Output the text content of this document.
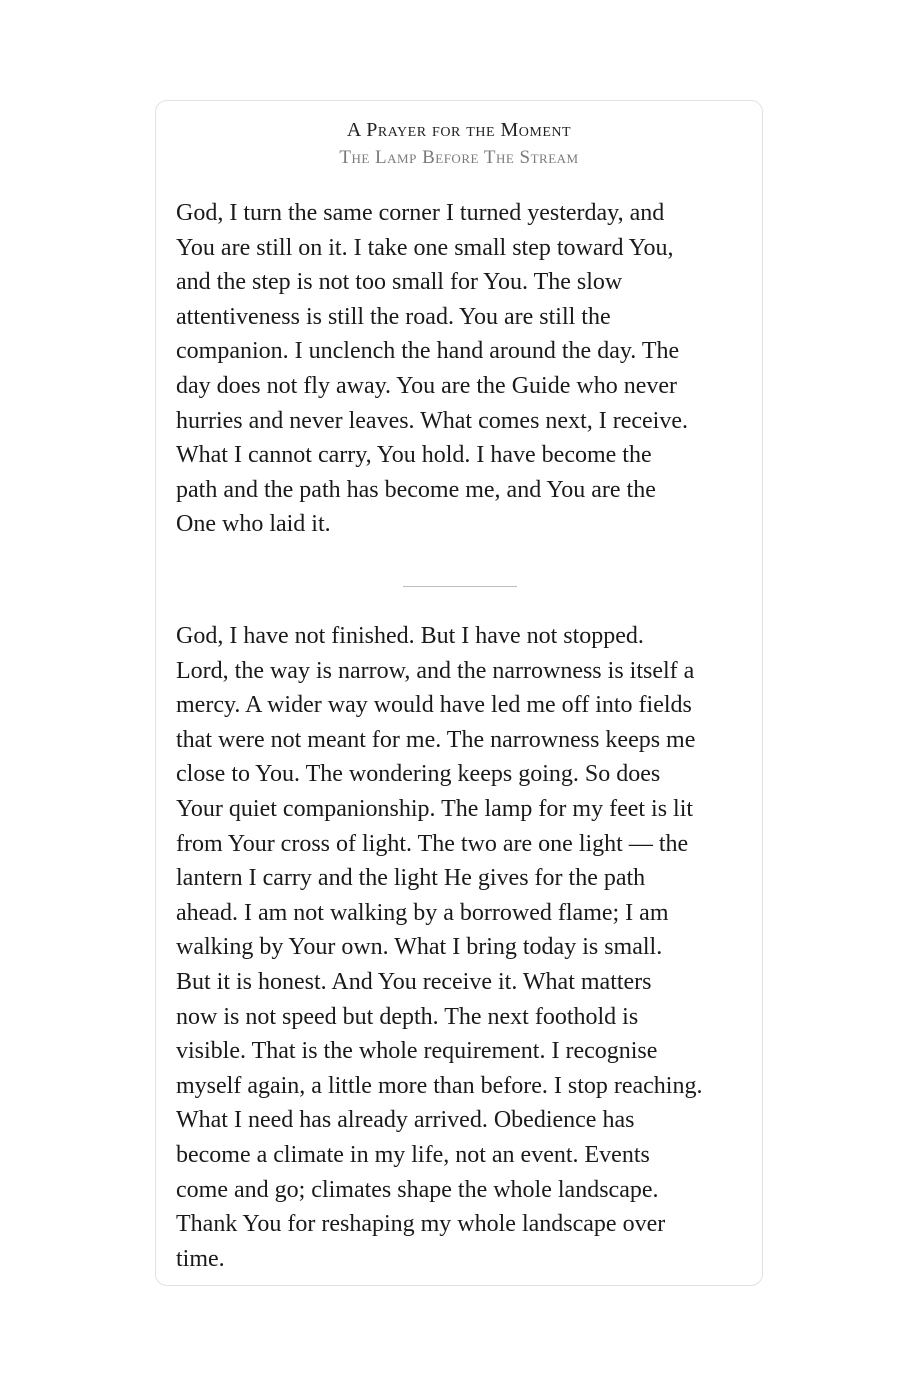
A Prayer for the Moment
The Lamp Before The Stream

God, I turn the same corner I turned yesterday, and
You are still on it. I take one small step toward You,
and the step is not too small for You. The slow
attentiveness is still the road. You are still the
companion. I unclench the hand around the day. The
day does not fly away. You are the Guide who never
hurries and never leaves. What comes next, I receive.
What I cannot carry, You hold. I have become the
path and the path has become me, and You are the
One who laid it.

God, I have not finished. But I have not stopped.
Lord, the way is narrow, and the narrowness is itself a
mercy. A wider way would have led me off into fields
that were not meant for me. The narrowness keeps me
close to You. The wondering keeps going. So does
Your quiet companionship. The lamp for my feet is lit
from Your cross of light. The two are one light — the
lantern I carry and the light He gives for the path
ahead. I am not walking by a borrowed flame; I am
walking by Your own. What I bring today is small.
But it is honest. And You receive it. What matters
now is not speed but depth. The next foothold is
visible. That is the whole requirement. I recognise
myself again, a little more than before. I stop reaching.
What I need has already arrived. Obedience has
become a climate in my life, not an event. Events
come and go; climates shape the whole landscape.
Thank You for reshaping my whole landscape over
time.
